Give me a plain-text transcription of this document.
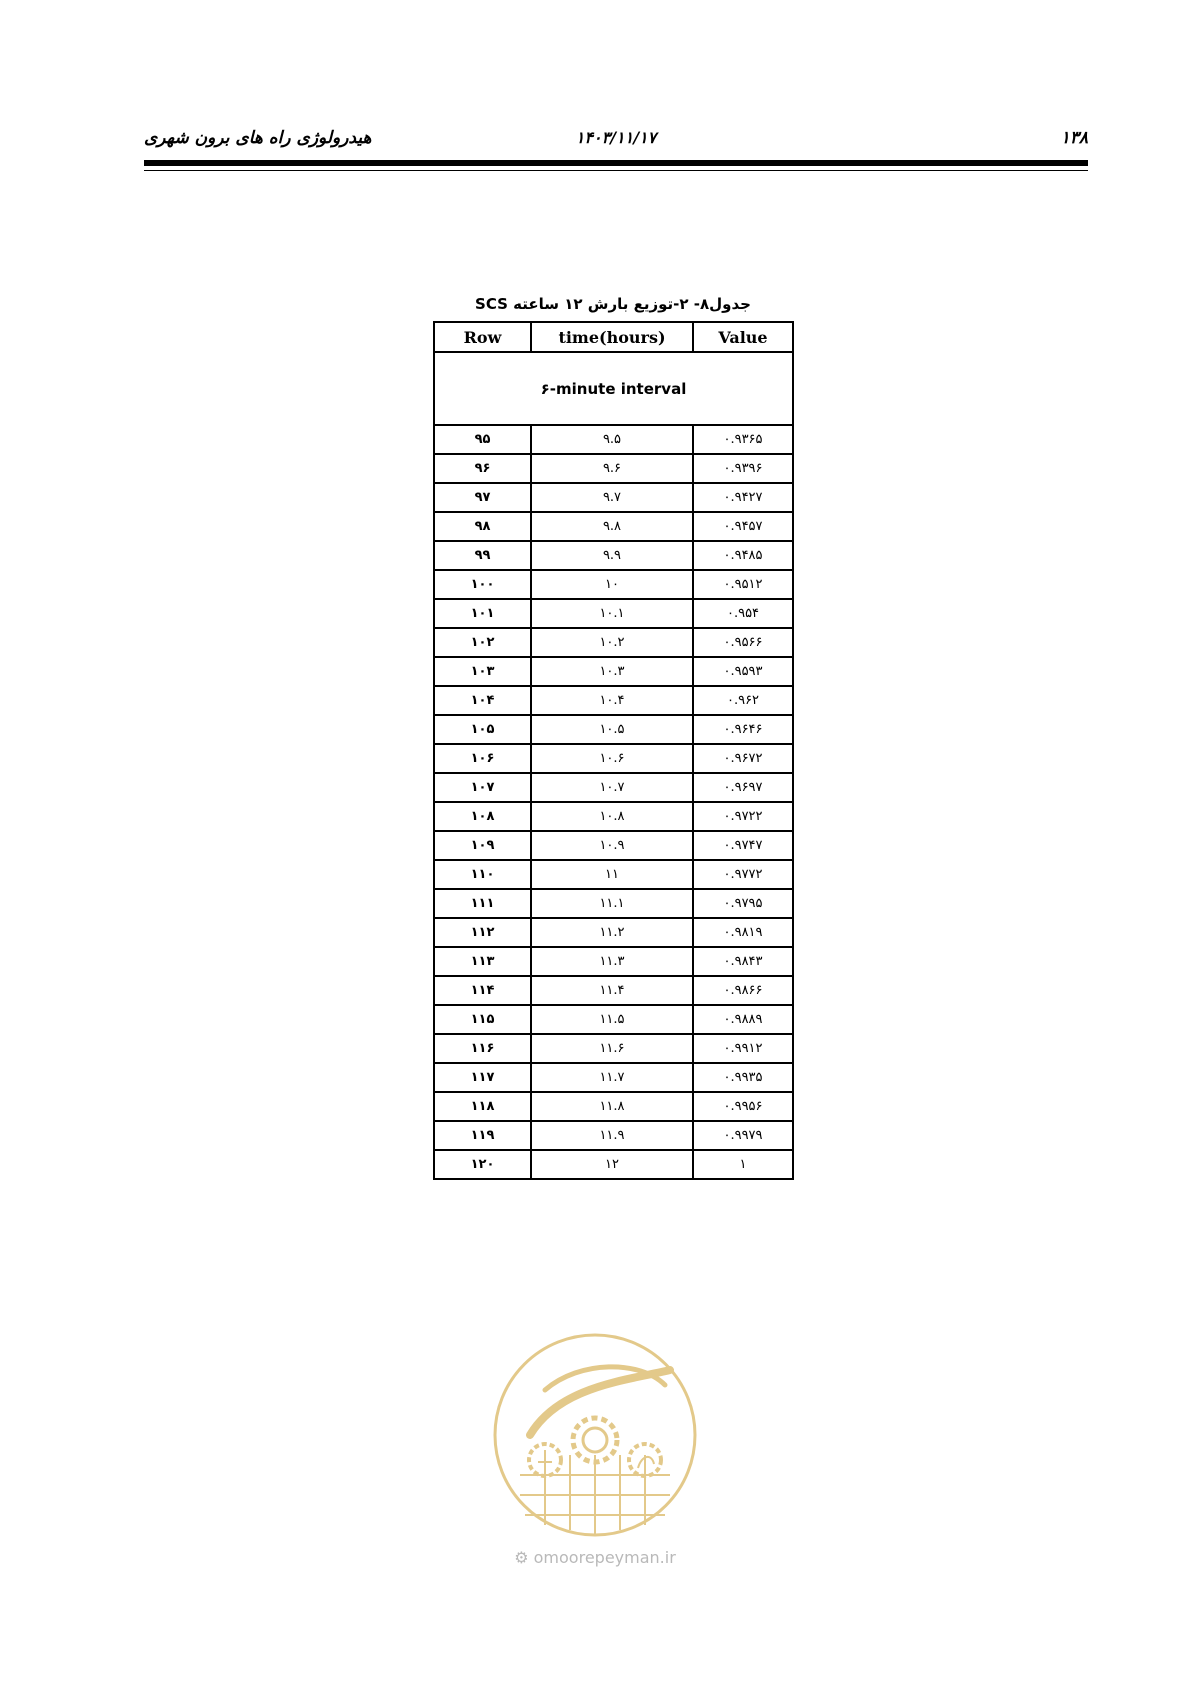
۱۳۸
۱۴۰۳/۱۱/۱۷
هیدرولوژی راه های برون شهری
جدول۸- ۲-توزیع بارش ۱۲ ساعته SCS
Row	time(hours)	Value
۶-minute interval		
۹۵	۹.۵	۰.۹۳۶۵
۹۶	۹.۶	۰.۹۳۹۶
۹۷	۹.۷	۰.۹۴۲۷
۹۸	۹.۸	۰.۹۴۵۷
۹۹	۹.۹	۰.۹۴۸۵
۱۰۰	۱۰	۰.۹۵۱۲
۱۰۱	۱۰.۱	۰.۹۵۴
۱۰۲	۱۰.۲	۰.۹۵۶۶
۱۰۳	۱۰.۳	۰.۹۵۹۳
۱۰۴	۱۰.۴	۰.۹۶۲
۱۰۵	۱۰.۵	۰.۹۶۴۶
۱۰۶	۱۰.۶	۰.۹۶۷۲
۱۰۷	۱۰.۷	۰.۹۶۹۷
۱۰۸	۱۰.۸	۰.۹۷۲۲
۱۰۹	۱۰.۹	۰.۹۷۴۷
۱۱۰	۱۱	۰.۹۷۷۲
۱۱۱	۱۱.۱	۰.۹۷۹۵
۱۱۲	۱۱.۲	۰.۹۸۱۹
۱۱۳	۱۱.۳	۰.۹۸۴۳
۱۱۴	۱۱.۴	۰.۹۸۶۶
۱۱۵	۱۱.۵	۰.۹۸۸۹
۱۱۶	۱۱.۶	۰.۹۹۱۲
۱۱۷	۱۱.۷	۰.۹۹۳۵
۱۱۸	۱۱.۸	۰.۹۹۵۶
۱۱۹	۱۱.۹	۰.۹۹۷۹
۱۲۰	۱۲	۱
⚙ omoorepeyman.ir
